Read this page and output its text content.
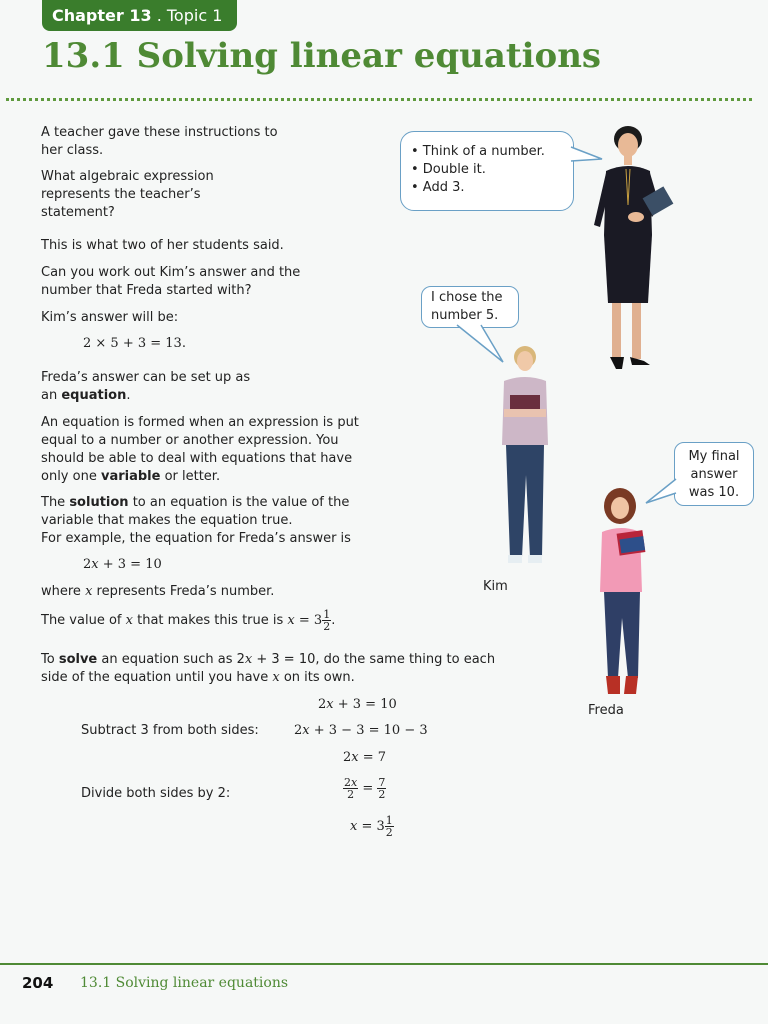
Chapter 13 . Topic 1
13.1 Solving linear equations
A teacher gave these instructions to her class.
What algebraic expression represents the teacher’s statement?
This is what two of her students said.
Can you work out Kim’s answer and the number that Freda started with?
Kim’s answer will be:
2 × 5 + 3 = 13.
Freda’s answer can be set up as an equation.
An equation is formed when an expression is put equal to a number or another expression. You should be able to deal with equations that have only one variable or letter.
The solution to an equation is the value of the variable that makes the equation true.
For example, the equation for Freda’s answer is
2x + 3 = 10
where x represents Freda’s number.
The value of x that makes this true is $x = 3 \frac{1}{2}$ .
To solve an equation such as 2x + 3 = 10, do the same thing to each side of the equation until you have x on its own.
2x + 3 = 10
Subtract 3 from both sides:	2x + 3 − 3 = 10 − 3
2x = 7
Divide both sides by 2:	$\frac{2x}{2} = \frac{7}{2}$
$x = 3 \frac{1}{2}$
• Think of a number.
• Double it.
• Add 3.
I chose the
number 5.
My final
answer
was 10.
Kim
Freda
204 13.1 Solving linear equations
